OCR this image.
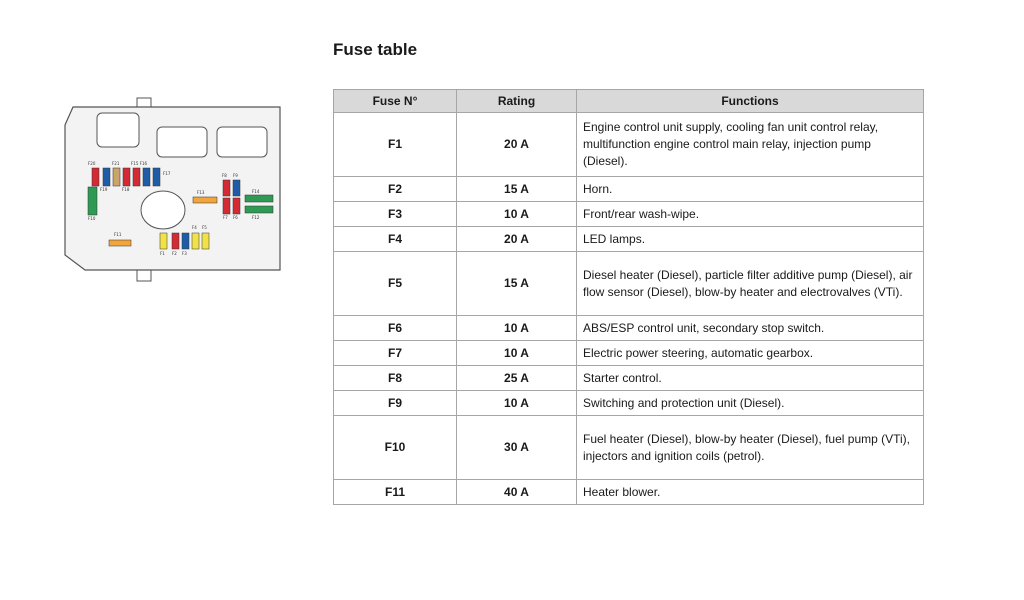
Fuse table
F20	F21	F15 F16
F17
F18
F19
F10
F13
F8 F9
F14
F7 F6	F12
F11
F1 F2 F3
F4 F5
Fuse N°	Rating	Functions
F1	20 A	Engine control unit supply, cooling fan unit control relay, multifunction engine control main relay, injection pump (Diesel).
F2	15 A	Horn.
F3	10 A	Front/rear wash-wipe.
F4	20 A	LED lamps.
F5	15 A	Diesel heater (Diesel), particle filter additive pump (Diesel), air flow sensor (Diesel), blow-by heater and electrovalves (VTi).
F6	10 A	ABS/ESP control unit, secondary stop switch.
F7	10 A	Electric power steering, automatic gearbox.
F8	25 A	Starter control.
F9	10 A	Switching and protection unit (Diesel).
F10	30 A	Fuel heater (Diesel), blow-by heater (Diesel), fuel pump (VTi), injectors and ignition coils (petrol).
F11	40 A	Heater blower.
